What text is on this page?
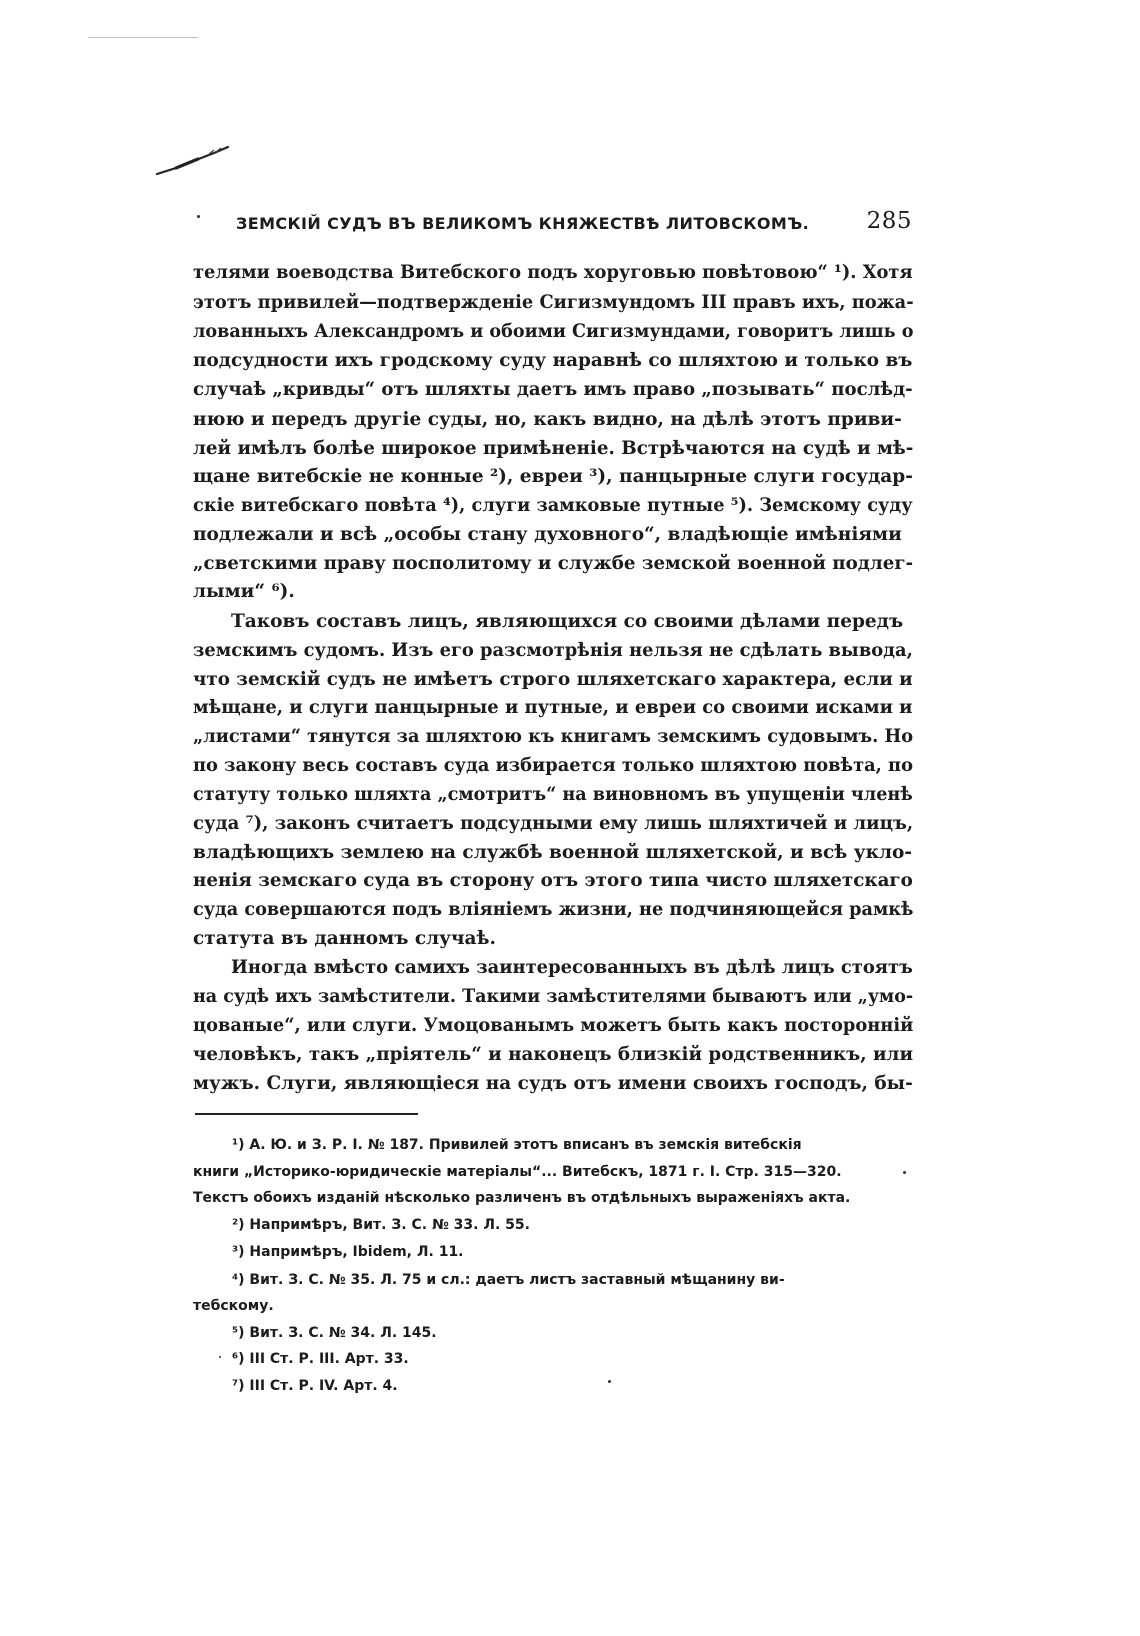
ЗЕМСКІЙ СУДЪ ВЪ ВЕЛИКОМЪ КНЯЖЕСТВѢ ЛИТОВСКОМЪ. 285
телями воеводства Витебского подъ хоруговью повѣтовою“ ¹). Хотя
этотъ привилей—подтвержденіе Сигизмундомъ III правъ ихъ, пожа-
лованныхъ Александромъ и обоими Сигизмундами, говоритъ лишь о
подсудности ихъ гродскому суду наравнѣ со шляхтою и только въ
случаѣ „кривды“ отъ шляхты даетъ имъ право „позывать“ послѣд-
нюю и передъ другіе суды, но, какъ видно, на дѣлѣ этотъ приви-
лей имѣлъ болѣе широкое примѣненіе. Встрѣчаются на судѣ и мѣ-
щане витебскіе не конные ²), евреи ³), панцырные слуги государ-
скіе витебскаго повѣта ⁴), слуги замковые путные ⁵). Земскому суду
подлежали и всѣ „особы стану духовного“, владѣющіе имѣніями
„светскими праву посполитому и службе земской военной подлег-
лыми“ ⁶).
Таковъ составъ лицъ, являющихся со своими дѣлами передъ
земскимъ судомъ. Изъ его разсмотрѣнія нельзя не сдѣлать вывода,
что земскій судъ не имѣетъ строго шляхетскаго характера, если и
мѣщане, и слуги панцырные и путные, и евреи со своими исками и
„листами“ тянутся за шляхтою къ книгамъ земскимъ судовымъ. Но
по закону весь составъ суда избирается только шляхтою повѣта, по
статуту только шляхта „смотритъ“ на виновномъ въ упущеніи членѣ
суда ⁷), законъ считаетъ подсудными ему лишь шляхтичей и лицъ,
владѣющихъ землею на службѣ военной шляхетской, и всѣ укло-
ненія земскаго суда въ сторону отъ этого типа чисто шляхетскаго
суда совершаются подъ вліяніемъ жизни, не подчиняющейся рамкѣ
статута въ данномъ случаѣ.
Иногда вмѣсто самихъ заинтересованныхъ въ дѣлѣ лицъ стоятъ
на судѣ ихъ замѣстители. Такими замѣстителями бываютъ или „умо-
цованые“, или слуги. Умоцованымъ можетъ быть какъ посторонній
человѣкъ, такъ „пріятель“ и наконецъ близкій родственникъ, или
мужъ. Слуги, являющіеся на судъ отъ имени своихъ господъ, бы-
¹) А. Ю. и З. Р. I. № 187. Привилей этотъ вписанъ въ земскія витебскія
книги „Историко-юридическіе матеріалы“... Витебскъ, 1871 г. I. Стр. 315—320.
Текстъ обоихъ изданій нѣсколько различенъ въ отдѣльныхъ выраженіяхъ акта.
²) Напримѣръ, Вит. З. С. № 33. Л. 55.
³) Напримѣръ, Ibidem, Л. 11.
⁴) Вит. З. С. № 35. Л. 75 и сл.: даетъ листъ заставный мѣщанину ви-
тебскому.
⁵) Вит. З. С. № 34. Л. 145.
⁶) III Ст. Р. III. Арт. 33.
⁷) III Ст. Р. IV. Арт. 4.
